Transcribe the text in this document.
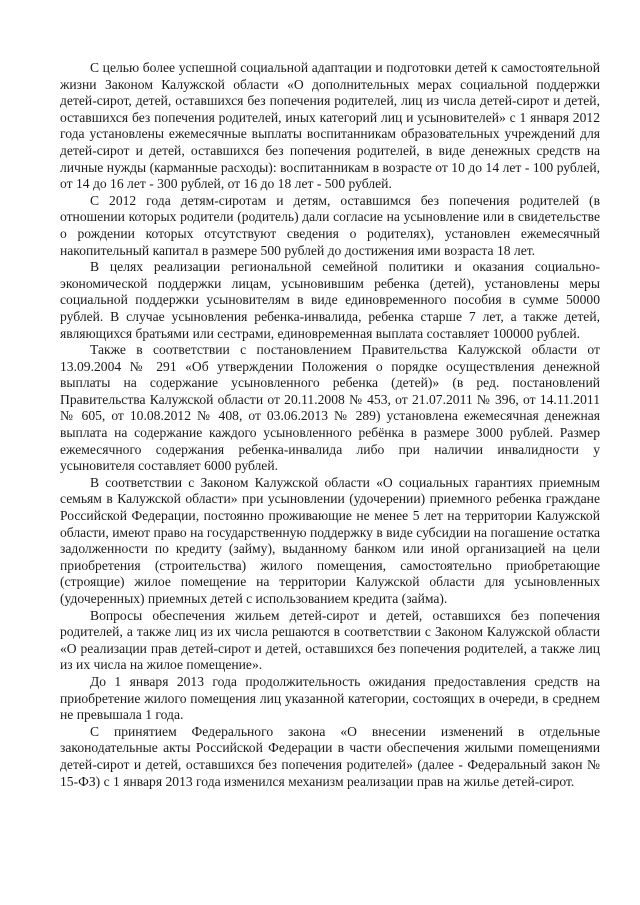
С целью более успешной социальной адаптации и подготовки детей к самостоятельной жизни Законом Калужской области «О дополнительных мерах социальной поддержки детей-сирот, детей, оставшихся без попечения родителей, лиц из числа детей-сирот и детей, оставшихся без попечения родителей, иных категорий лиц и усыновителей» с 1 января 2012 года установлены ежемесячные выплаты воспитанникам образовательных учреждений для детей-сирот и детей, оставшихся без попечения родителей, в виде денежных средств на личные нужды (карманные расходы): воспитанникам в возрасте от 10 до 14 лет - 100 рублей, от 14 до 16 лет - 300 рублей, от 16 до 18 лет - 500 рублей.

С 2012 года детям-сиротам и детям, оставшимся без попечения родителей (в отношении которых родители (родитель) дали согласие на усыновление или в свидетельстве о рождении которых отсутствуют сведения о родителях), установлен ежемесячный накопительный капитал в размере 500 рублей до достижения ими возраста 18 лет.

В целях реализации региональной семейной политики и оказания социально-экономической поддержки лицам, усыновившим ребенка (детей), установлены меры социальной поддержки усыновителям в виде единовременного пособия в сумме 50000 рублей. В случае усыновления ребенка-инвалида, ребенка старше 7 лет, а также детей, являющихся братьями или сестрами, единовременная выплата составляет 100000 рублей.

Также в соответствии с постановлением Правительства Калужской области от 13.09.2004 № 291 «Об утверждении Положения о порядке осуществления денежной выплаты на содержание усыновленного ребенка (детей)» (в ред. постановлений Правительства Калужской области от 20.11.2008 № 453, от 21.07.2011 № 396, от 14.11.2011 № 605, от 10.08.2012 № 408, от 03.06.2013 № 289) установлена ежемесячная денежная выплата на содержание каждого усыновленного ребёнка в размере 3000 рублей. Размер ежемесячного содержания ребенка-инвалида либо при наличии инвалидности у усыновителя составляет 6000 рублей.

В соответствии с Законом Калужской области «О социальных гарантиях приемным семьям в Калужской области» при усыновлении (удочерении) приемного ребенка граждане Российской Федерации, постоянно проживающие не менее 5 лет на территории Калужской области, имеют право на государственную поддержку в виде субсидии на погашение остатка задолженности по кредиту (займу), выданному банком или иной организацией на цели приобретения (строительства) жилого помещения, самостоятельно приобретающие (строящие) жилое помещение на территории Калужской области для усыновленных (удочеренных) приемных детей с использованием кредита (займа).

Вопросы обеспечения жильем детей-сирот и детей, оставшихся без попечения родителей, а также лиц из их числа решаются в соответствии с Законом Калужской области «О реализации прав детей-сирот и детей, оставшихся без попечения родителей, а также лиц из их числа на жилое помещение».

До 1 января 2013 года продолжительность ожидания предоставления средств на приобретение жилого помещения лиц указанной категории, состоящих в очереди, в среднем не превышала 1 года.

С принятием Федерального закона «О внесении изменений в отдельные законодательные акты Российской Федерации в части обеспечения жилыми помещениями детей-сирот и детей, оставшихся без попечения родителей» (далее - Федеральный закон № 15-ФЗ) с 1 января 2013 года изменился механизм реализации прав на жилье детей-сирот.
